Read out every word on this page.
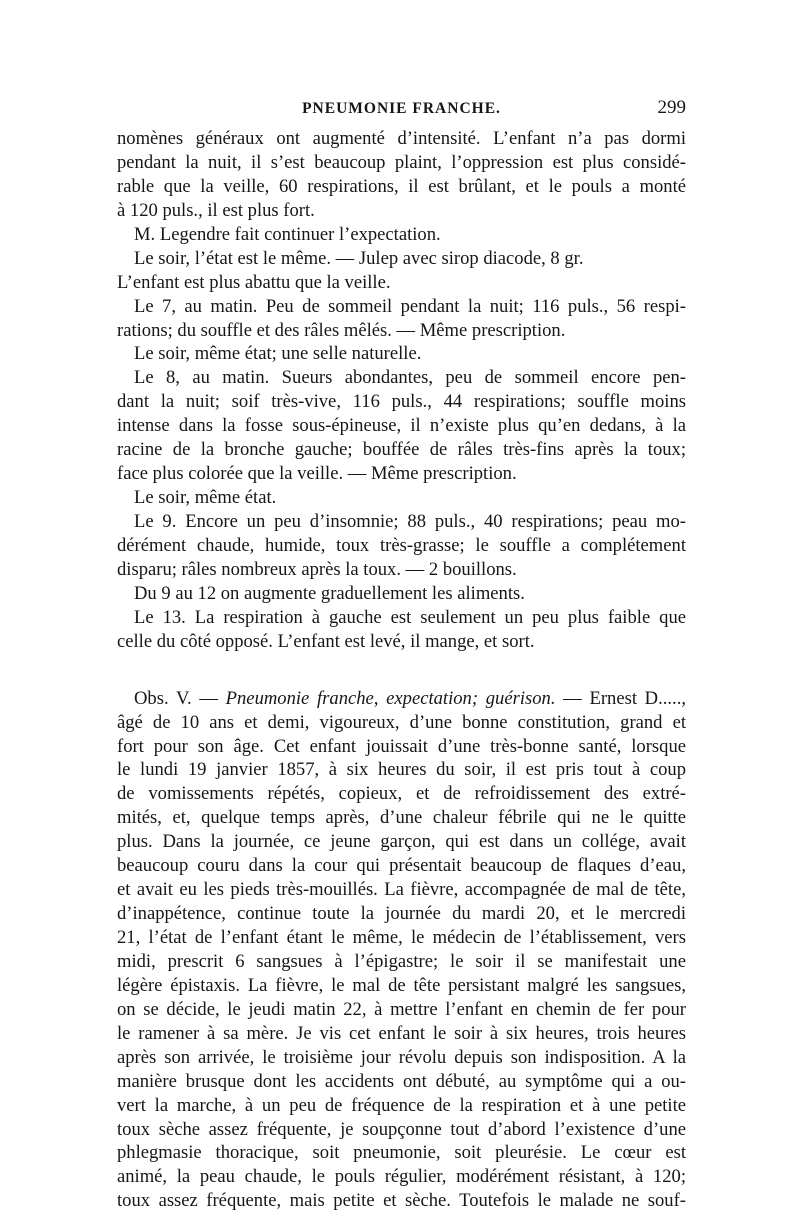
PNEUMONIE FRANCHE.	299
nomènes généraux ont augmenté d’intensité. L’enfant n’a pas dormi
pendant la nuit, il s’est beaucoup plaint, l’oppression est plus considé-
rable que la veille, 60 respirations, il est brûlant, et le pouls a monté
à 120 puls., il est plus fort.
M. Legendre fait continuer l’expectation.
Le soir, l’état est le même. — Julep avec sirop diacode, 8 gr.
L’enfant est plus abattu que la veille.
Le 7, au matin. Peu de sommeil pendant la nuit; 116 puls., 56 respi-
rations; du souffle et des râles mêlés. — Même prescription.
Le soir, même état; une selle naturelle.
Le 8, au matin. Sueurs abondantes, peu de sommeil encore pen-
dant la nuit; soif très-vive, 116 puls., 44 respirations; souffle moins
intense dans la fosse sous-épineuse, il n’existe plus qu’en dedans, à la
racine de la bronche gauche; bouffée de râles très-fins après la toux;
face plus colorée que la veille. — Même prescription.
Le soir, même état.
Le 9. Encore un peu d’insomnie; 88 puls., 40 respirations; peau mo-
dérément chaude, humide, toux très-grasse; le souffle a complétement
disparu; râles nombreux après la toux. — 2 bouillons.
Du 9 au 12 on augmente graduellement les aliments.
Le 13. La respiration à gauche est seulement un peu plus faible que
celle du côté opposé. L’enfant est levé, il mange, et sort.
Obs. V. — Pneumonie franche, expectation; guérison. — Ernest D.....,
âgé de 10 ans et demi, vigoureux, d’une bonne constitution, grand et
fort pour son âge. Cet enfant jouissait d’une très-bonne santé, lorsque
le lundi 19 janvier 1857, à six heures du soir, il est pris tout à coup
de vomissements répétés, copieux, et de refroidissement des extré-
mités, et, quelque temps après, d’une chaleur fébrile qui ne le quitte
plus. Dans la journée, ce jeune garçon, qui est dans un collége, avait
beaucoup couru dans la cour qui présentait beaucoup de flaques d’eau,
et avait eu les pieds très-mouillés. La fièvre, accompagnée de mal de tête,
d’inappétence, continue toute la journée du mardi 20, et le mercredi
21, l’état de l’enfant étant le même, le médecin de l’établissement, vers
midi, prescrit 6 sangsues à l’épigastre; le soir il se manifestait une
légère épistaxis. La fièvre, le mal de tête persistant malgré les sangsues,
on se décide, le jeudi matin 22, à mettre l’enfant en chemin de fer pour
le ramener à sa mère. Je vis cet enfant le soir à six heures, trois heures
après son arrivée, le troisième jour révolu depuis son indisposition. A la
manière brusque dont les accidents ont débuté, au symptôme qui a ou-
vert la marche, à un peu de fréquence de la respiration et à une petite
toux sèche assez fréquente, je soupçonne tout d’abord l’existence d’une
phlegmasie thoracique, soit pneumonie, soit pleurésie. Le cœur est
animé, la peau chaude, le pouls régulier, modérément résistant, à 120;
toux assez fréquente, mais petite et sèche. Toutefois le malade ne souf-
